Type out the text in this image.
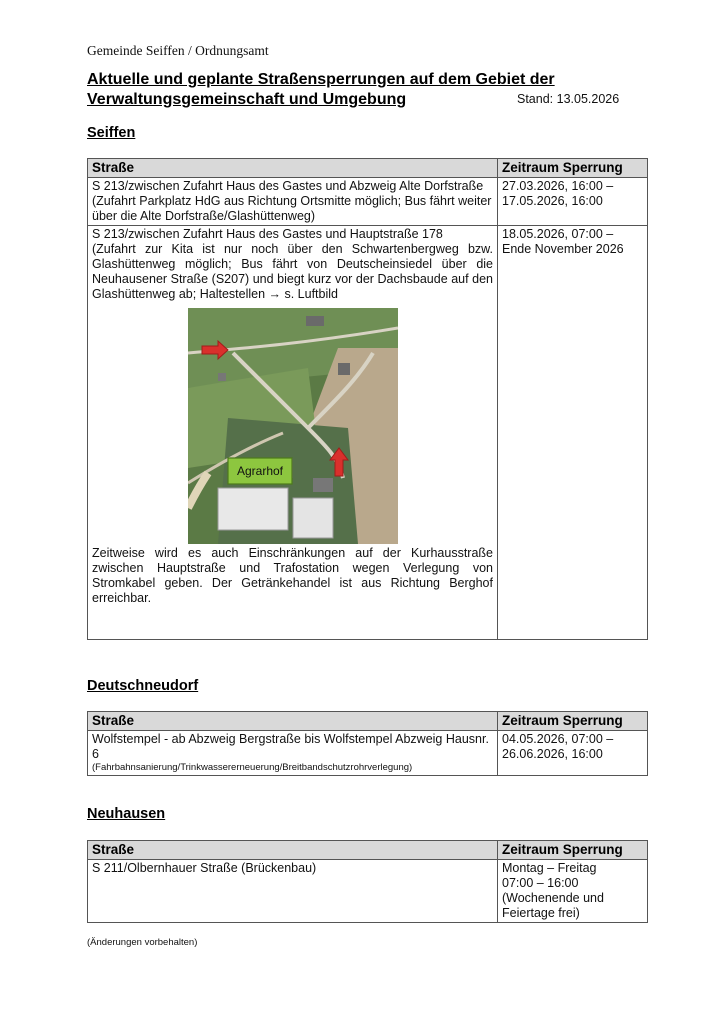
Gemeinde Seiffen / Ordnungsamt
Aktuelle und geplante Straßensperrungen auf dem Gebiet der
Verwaltungsgemeinschaft und Umgebung	Stand: 13.05.2026
Seiffen
Straße	Zeitraum Sperrung

S 213/zwischen Zufahrt Haus des Gastes und Abzweig Alte Dorfstraße
(Zufahrt Parkplatz HdG aus Richtung Ortsmitte möglich; Bus fährt weiter über die Alte Dorfstraße/Glashüttenweg)	27.03.2026, 16:00 – 17.05.2026, 16:00

S 213/zwischen Zufahrt Haus des Gastes und Hauptstraße 178
(Zufahrt zur Kita ist nur noch über den Schwartenbergweg bzw. Glashüttenweg möglich; Bus fährt von Deutscheinsiedel über die Neuhausener Straße (S207) und biegt kurz vor der Dachsbaude auf den Glashüttenweg ab; Haltestellen → s. Luftbild
Agrarhof
Zeitweise wird es auch Einschränkungen auf der Kurhausstraße zwischen Hauptstraße und Trafostation wegen Verlegung von Stromkabel geben. Der Getränkehandel ist aus Richtung Berghof erreichbar.	18.05.2026, 07:00 – Ende November 2026
Deutschneudorf
Straße	Zeitraum Sperrung

Wolfstempel - ab Abzweig Bergstraße bis Wolfstempel Abzweig Hausnr. 6
(Fahrbahnsanierung/Trinkwassererneuerung/Breitbandschutzrohrverlegung)	04.05.2026, 07:00 – 26.06.2026, 16:00
Neuhausen
Straße	Zeitraum Sperrung
S 211/Olbernhauer Straße (Brückenbau)	Montag – Freitag
07:00 – 16:00
(Wochenende und Feiertage frei)
(Änderungen vorbehalten)
